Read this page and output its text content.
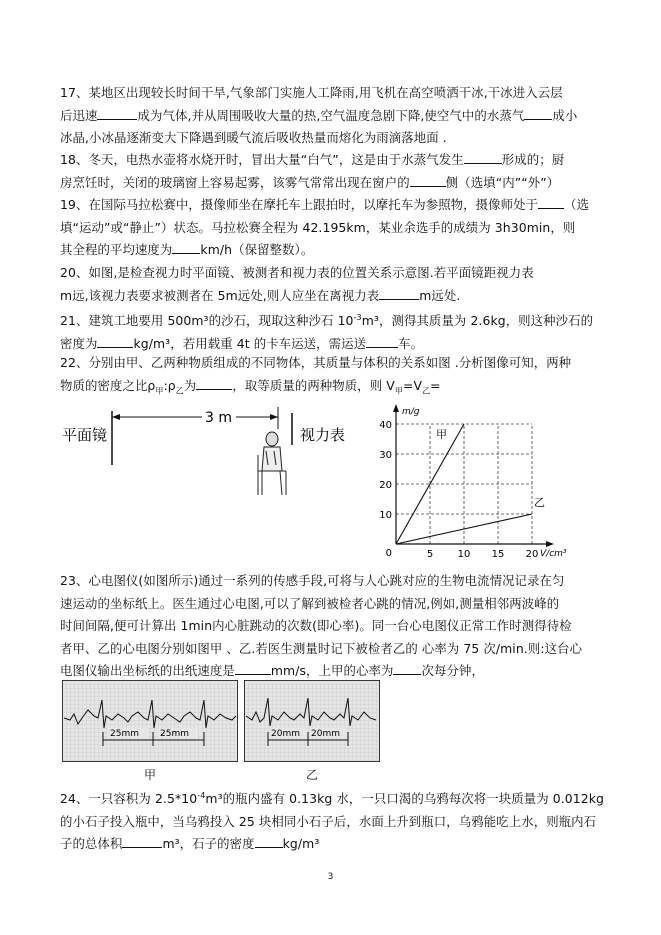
17、某地区出现较长时间干旱,气象部门实施人工降雨,用飞机在高空喷洒干冰,干冰进入云层
后迅速	成为气体,并从周围吸收大量的热,空气温度急剧下降,使空气中的水蒸气 成小
冰晶,小冰晶逐渐变大下降遇到暖气流后吸收热量而熔化为雨滴落地面 .
18、冬天，电热水壶将水烧开时，冒出大量“白气”，这是由于水蒸气发生	形成的；厨
房烹饪时，关闭的玻璃窗上容易起雾，该雾气常常出现在窗户的	侧（选填“内”“外”）
19、在国际马拉松赛中，摄像师坐在摩托车上跟拍时，以摩托车为参照物，摄像师处于 （选
填“运动”或“静止”）状态。马拉松赛全程为 42.195km，某业余选手的成绩为 3h30min，则
其全程的平均速度为 km/h（保留整数）。
20、如图,是检查视力时平面镜、被测者和视力表的位置关系示意图.若平面镜距视力表
m远,该视力表要求被测者在 5m远处,则人应坐在离视力表	m远处.
21、建筑工地要用 500m³的沙石，现取这种沙石 $10^{-3}m^3$，测得其质量为 2.6kg，则这种沙石的
密度为	kg/m³，若用载重 4t 的卡车运送，需运送	车。
22、分别由甲、乙两种物质组成的不同物体，其质量与体积的关系如图 .分析图像可知，两种
物质的密度之比$\rho_甲:\rho_乙$为	，取等质量的两种物质，则 $V_甲=V_乙=$
平面镜
3 m
视力表
5 10 15 20
10
20
30
40
0	V/cm³
m/g
甲
乙
23、心电图仪(如图所示)通过一系列的传感手段,可将与人心跳对应的生物电流情况记录在匀
速运动的坐标纸上。医生通过心电图,可以了解到被检者心跳的情况,例如,测量相邻两波峰的
时间间隔,便可计算出 1min内心脏跳动的次数(即心率)。同一台心电图仪正常工作时测得待检
者甲、乙的心电图分别如图甲 、乙.若医生测量时记下被检者乙的 心率为 75 次/min.则:这台心
电图仪输出坐标纸的出纸速度是	mm/s，上甲的心率为 次每分钟，
25mm 25mm	20mm 20mm
甲	乙
24、一只容积为 $2.5*10^{-4}m^3$的瓶内盛有 0.13kg 水，一只口渴的乌鸦每次将一块质量为 0.012kg
的小石子投入瓶中，当乌鸦投入 25 块相同小石子后，水面上升到瓶口，乌鸦能吃上水，则瓶内石
子的总体积	m³，石子的密度 kg/m³
3
